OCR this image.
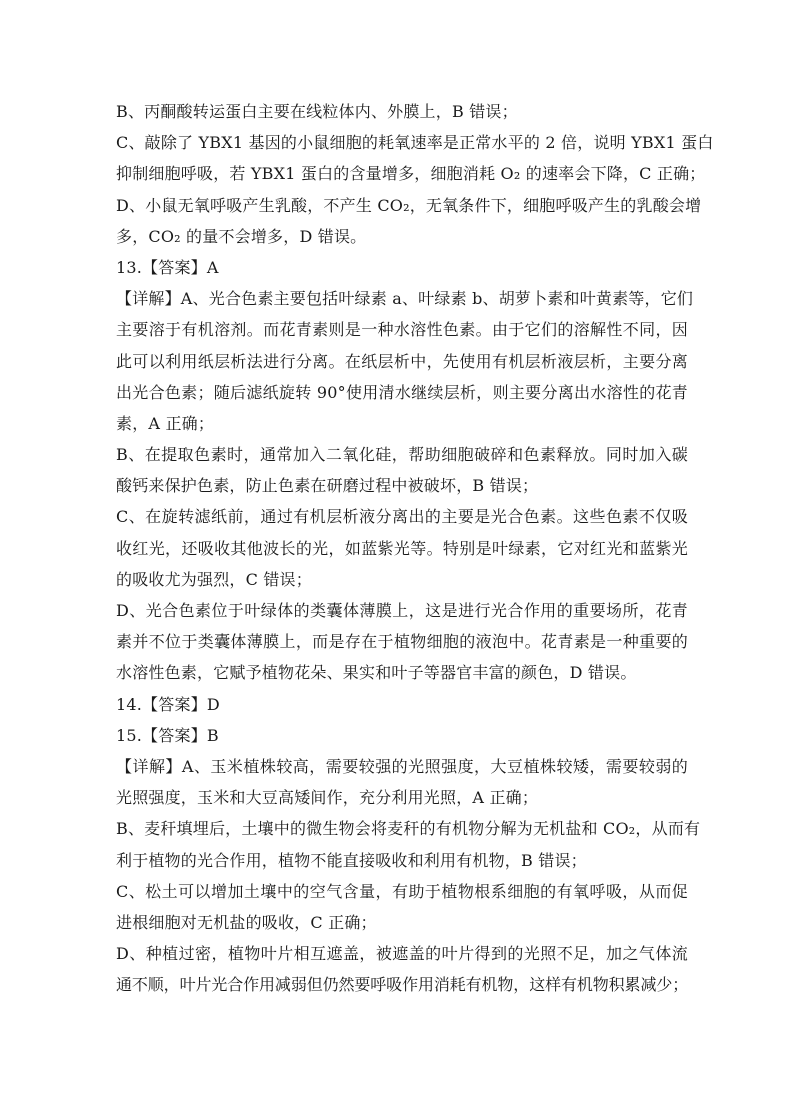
B、丙酮酸转运蛋白主要在线粒体内、外膜上，B 错误；
C、敲除了 YBX1 基因的小鼠细胞的耗氧速率是正常水平的 2 倍，说明 YBX1 蛋白
抑制细胞呼吸，若 YBX1 蛋白的含量增多，细胞消耗 O₂ 的速率会下降，C 正确；
D、小鼠无氧呼吸产生乳酸，不产生 CO₂，无氧条件下，细胞呼吸产生的乳酸会增
多，CO₂ 的量不会增多，D 错误。
13.【答案】A
【详解】A、光合色素主要包括叶绿素 a、叶绿素 b、胡萝卜素和叶黄素等，它们
主要溶于有机溶剂。而花青素则是一种水溶性色素。由于它们的溶解性不同，因
此可以利用纸层析法进行分离。在纸层析中，先使用有机层析液层析，主要分离
出光合色素；随后滤纸旋转 90°使用清水继续层析，则主要分离出水溶性的花青
素，A 正确；
B、在提取色素时，通常加入二氧化硅，帮助细胞破碎和色素释放。同时加入碳
酸钙来保护色素，防止色素在研磨过程中被破坏，B 错误；
C、在旋转滤纸前，通过有机层析液分离出的主要是光合色素。这些色素不仅吸
收红光，还吸收其他波长的光，如蓝紫光等。特别是叶绿素，它对红光和蓝紫光
的吸收尤为强烈，C 错误；
D、光合色素位于叶绿体的类囊体薄膜上，这是进行光合作用的重要场所，花青
素并不位于类囊体薄膜上，而是存在于植物细胞的液泡中。花青素是一种重要的
水溶性色素，它赋予植物花朵、果实和叶子等器官丰富的颜色，D 错误。
14.【答案】D
15.【答案】B
【详解】A、玉米植株较高，需要较强的光照强度，大豆植株较矮，需要较弱的
光照强度，玉米和大豆高矮间作，充分利用光照，A 正确；
B、麦秆填埋后，土壤中的微生物会将麦秆的有机物分解为无机盐和 CO₂，从而有
利于植物的光合作用，植物不能直接吸收和利用有机物，B 错误；
C、松土可以增加土壤中的空气含量，有助于植物根系细胞的有氧呼吸，从而促
进根细胞对无机盐的吸收，C 正确；
D、种植过密，植物叶片相互遮盖，被遮盖的叶片得到的光照不足，加之气体流
通不顺，叶片光合作用减弱但仍然要呼吸作用消耗有机物，这样有机物积累减少；
